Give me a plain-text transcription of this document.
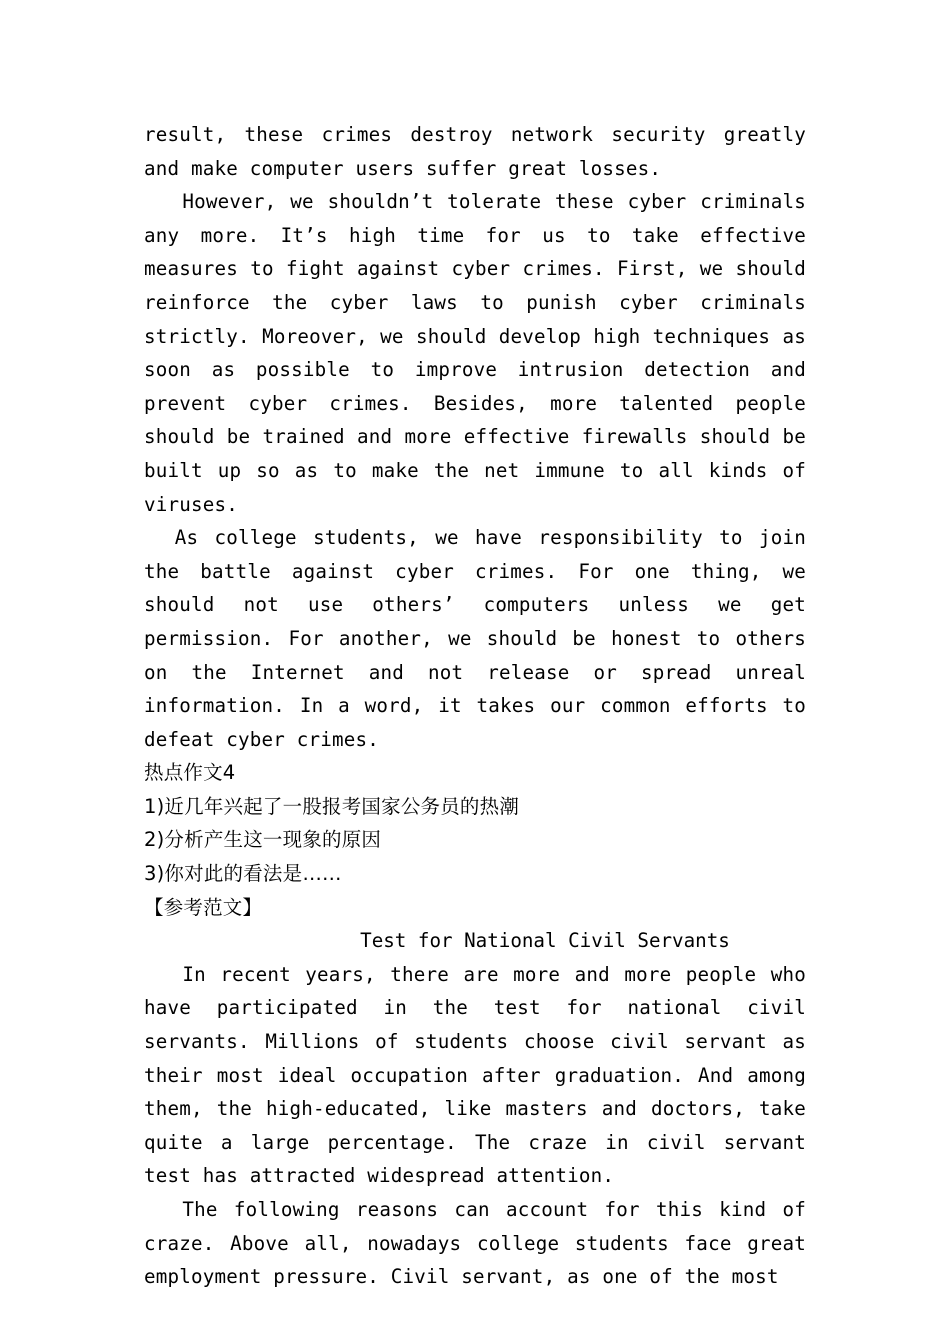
result, these crimes destroy network security greatly and make computer users suffer great losses.

However, we shouldn’t tolerate these cyber criminals any more. It’s high time for us to take effective measures to fight against cyber crimes. First, we should reinforce the cyber laws to punish cyber criminals strictly. Moreover, we should develop high techniques as soon as possible to improve intrusion detection and prevent cyber crimes. Besides, more talented people should be trained and more effective firewalls should be built up so as to make the net immune to all kinds of viruses.

As college students, we have responsibility to join the battle against cyber crimes. For one thing, we should not use others’ computers unless we get permission. For another, we should be honest to others on the Internet and not release or spread unreal information. In a word, it takes our common efforts to defeat cyber crimes.

热点作文4

1)近几年兴起了一股报考国家公务员的热潮

2)分析产生这一现象的原因

3)你对此的看法是……

【参考范文】

Test for National Civil Servants

In recent years, there are more and more people who have participated in the test for national civil servants. Millions of students choose civil servant as their most ideal occupation after graduation. And among them, the high-educated, like masters and doctors, take quite a large percentage. The craze in civil servant test has attracted widespread attention.

The following reasons can account for this kind of craze. Above all, nowadays college students face great employment pressure. Civil servant, as one of the most
